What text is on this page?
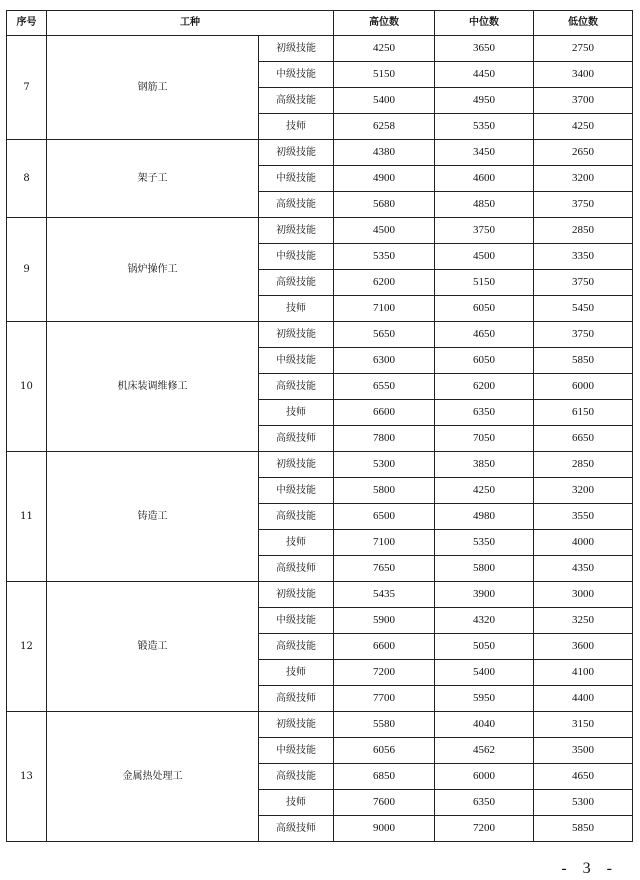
序号	工种		高位数	中位数	低位数
7	钢筋工	初级技能	4250	3650	2750
		中级技能	5150	4450	3400
		高级技能	5400	4950	3700
		技师	6258	5350	4250
8	架子工	初级技能	4380	3450	2650
		中级技能	4900	4600	3200
		高级技能	5680	4850	3750
9	锅炉操作工	初级技能	4500	3750	2850
		中级技能	5350	4500	3350
		高级技能	6200	5150	3750
		技师	7100	6050	5450
10	机床装调维修工	初级技能	5650	4650	3750
		中级技能	6300	6050	5850
		高级技能	6550	6200	6000
		技师	6600	6350	6150
		高级技师	7800	7050	6650
11	铸造工	初级技能	5300	3850	2850
		中级技能	5800	4250	3200
		高级技能	6500	4980	3550
		技师	7100	5350	4000
		高级技师	7650	5800	4350
12	锻造工	初级技能	5435	3900	3000
		中级技能	5900	4320	3250
		高级技能	6600	5050	3600
		技师	7200	5400	4100
		高级技师	7700	5950	4400
13	金属热处理工	初级技能	5580	4040	3150
		中级技能	6056	4562	3500
		高级技能	6850	6000	4650
		技师	7600	6350	5300
		高级技师	9000	7200	5850
- 3 -
